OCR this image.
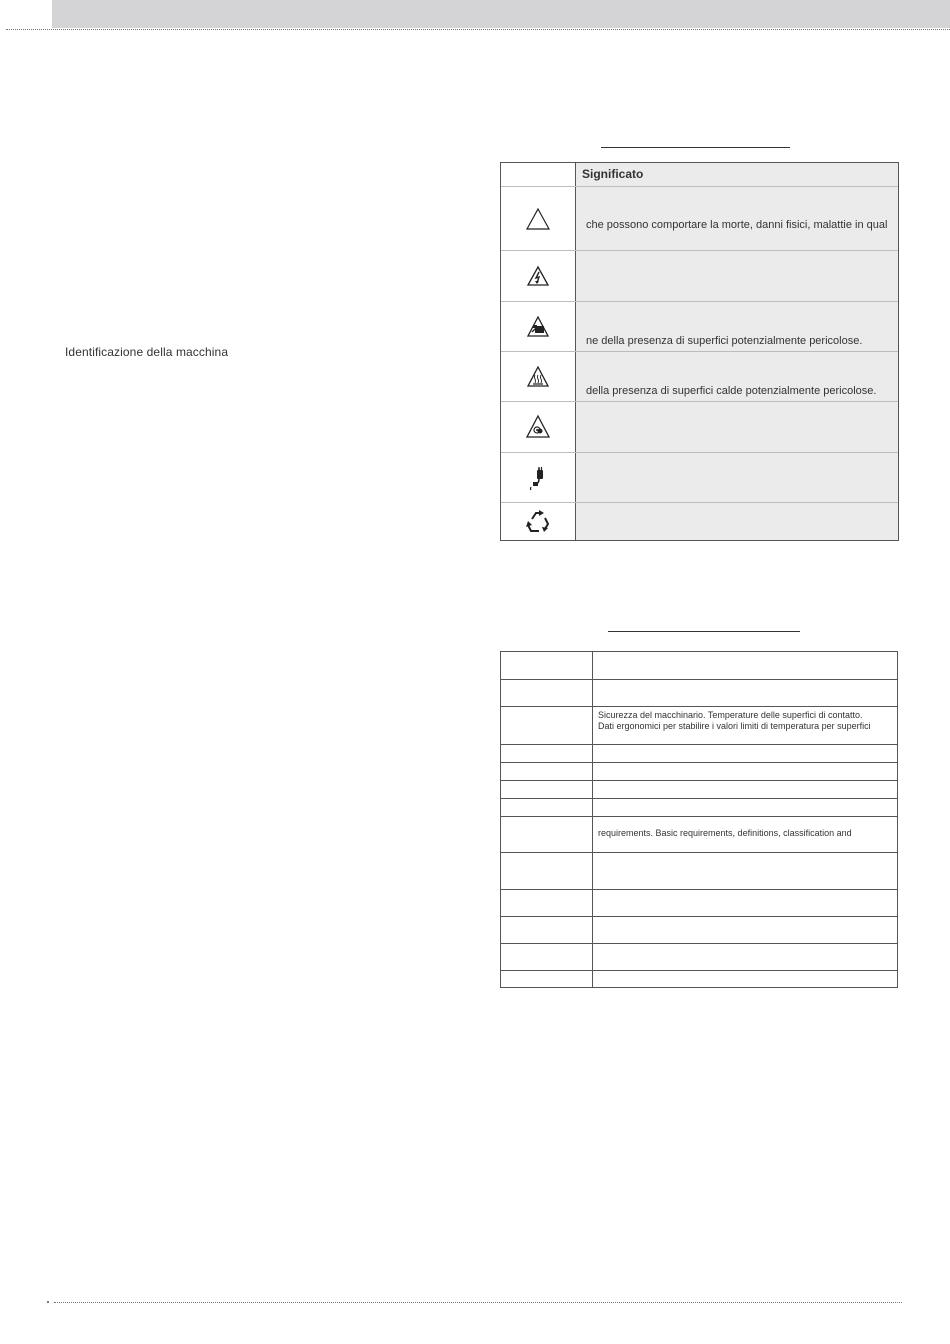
Identificazione della macchina
Significato
che possono comportare la morte, danni fisici, malattie in qual
ne della presenza di superfici potenzialmente pericolose.
della presenza di superfici calde potenzialmente pericolose.
Sicurezza del macchinario. Temperature delle superfici di contatto.
Dati ergonomici per stabilire i valori limiti di temperatura per superfici
requirements. Basic requirements, definitions, classification and
